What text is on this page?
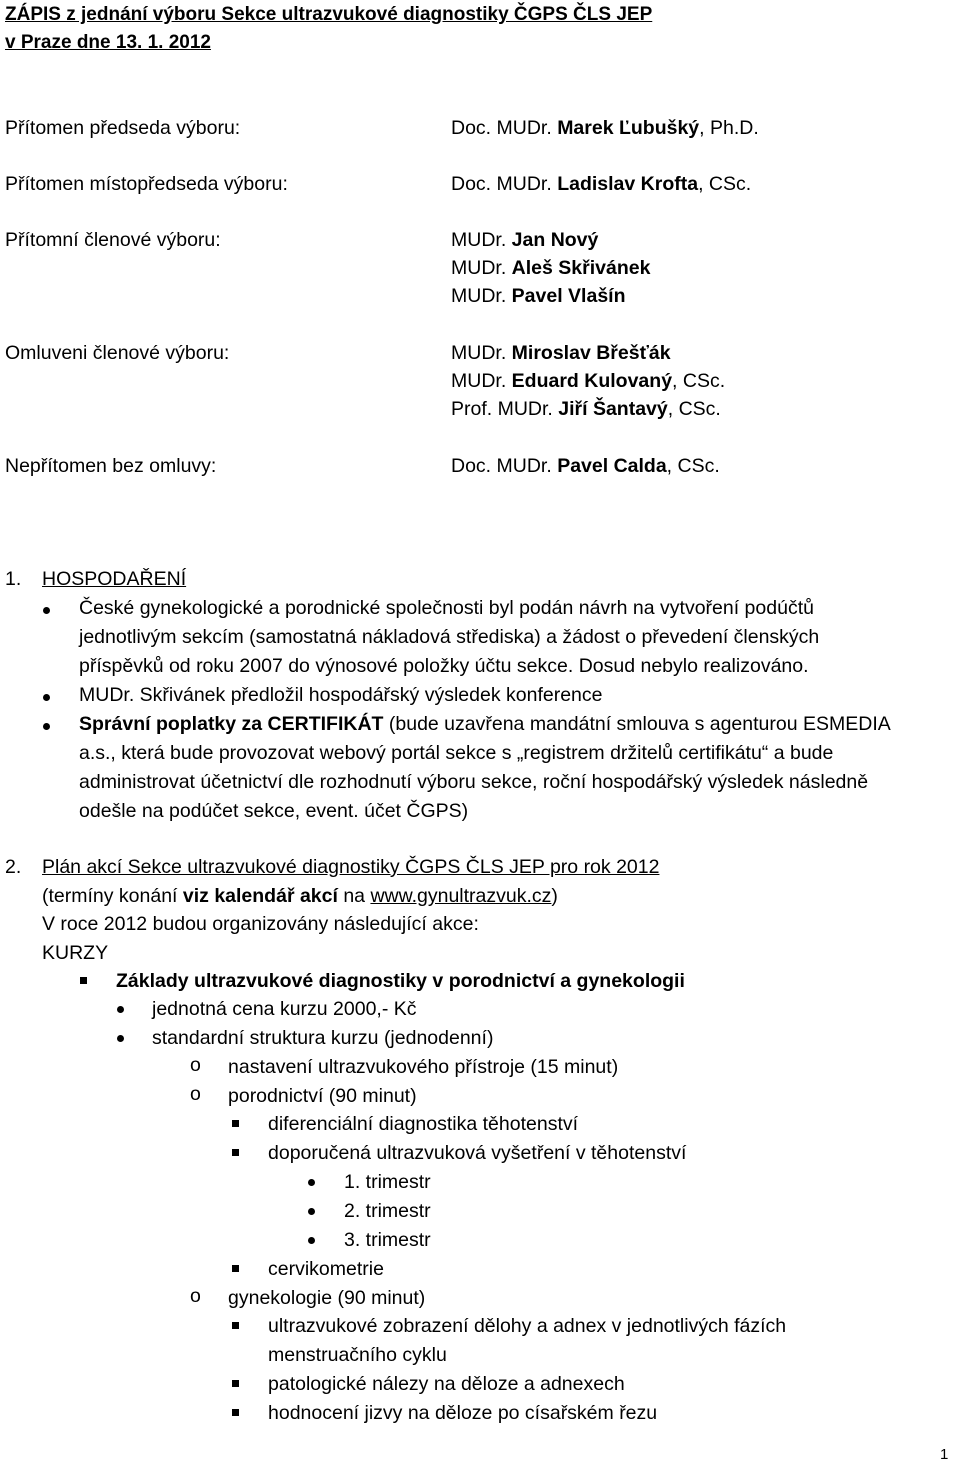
ZÁPIS z jednání výboru Sekce ultrazvukové diagnostiky ČGPS ČLS JEP
v Praze dne 13. 1. 2012
Přítomen předseda výboru:	Doc. MUDr. Marek Ľubušký, Ph.D.
Přítomen místopředseda výboru:	Doc. MUDr. Ladislav Krofta, CSc.
Přítomní členové výboru:	MUDr. Jan Nový
MUDr. Aleš Skřivánek
MUDr. Pavel Vlašín
Omluveni členové výboru:	MUDr. Miroslav Břešťák
MUDr. Eduard Kulovaný, CSc.
Prof. MUDr. Jiří Šantavý, CSc.
Nepřítomen bez omluvy:	Doc. MUDr. Pavel Calda, CSc.
1. HOSPODAŘENÍ
České gynekologické a porodnické společnosti byl podán návrh na vytvoření podúčtů
jednotlivým sekcím (samostatná nákladová střediska) a žádost o převedení členských
příspěvků od roku 2007 do výnosové položky účtu sekce. Dosud nebylo realizováno.
MUDr. Skřivánek předložil hospodářský výsledek konference
Správní poplatky za CERTIFIKÁT (bude uzavřena mandátní smlouva s agenturou ESMEDIA
a.s., která bude provozovat webový portál sekce s „registrem držitelů certifikátu“ a bude
administrovat účetnictví dle rozhodnutí výboru sekce, roční hospodářský výsledek následně
odešle na podúčet sekce, event. účet ČGPS)
2. Plán akcí Sekce ultrazvukové diagnostiky ČGPS ČLS JEP pro rok 2012
(termíny konání viz kalendář akcí na www.gynultrazvuk.cz)
V roce 2012 budou organizovány následující akce:
KURZY
Základy ultrazvukové diagnostiky v porodnictví a gynekologii
jednotná cena kurzu 2000,- Kč
standardní struktura kurzu (jednodenní)
o nastavení ultrazvukového přístroje (15 minut)
o porodnictví (90 minut)
diferenciální diagnostika těhotenství
doporučená ultrazvuková vyšetření v těhotenství
1. trimestr
2. trimestr
3. trimestr
cervikometrie
o gynekologie (90 minut)
ultrazvukové zobrazení dělohy a adnex v jednotlivých fázích
menstruačního cyklu
patologické nálezy na děloze a adnexech
hodnocení jizvy na děloze po císařském řezu
1
